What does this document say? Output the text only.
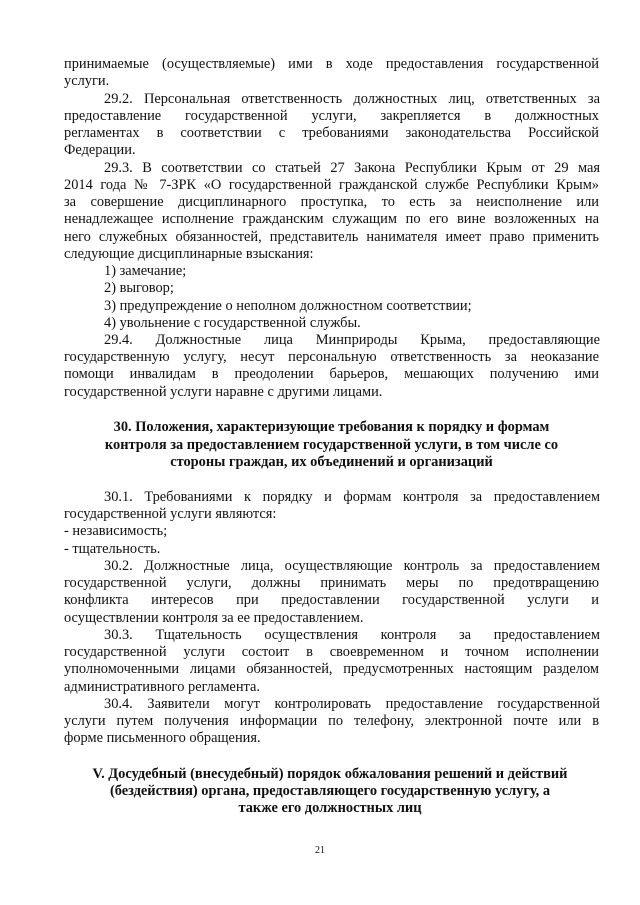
принимаемые (осуществляемые) ими в ходе предоставления государственной
услуги.
29.2. Персональная ответственность должностных лиц, ответственных за
предоставление государственной услуги, закрепляется в должностных
регламентах в соответствии с требованиями законодательства Российской
Федерации.
29.3. В соответствии со статьей 27 Закона Республики Крым от 29 мая
2014 года № 7-ЗРК «О государственной гражданской службе Республики Крым»
за совершение дисциплинарного проступка, то есть за неисполнение или
ненадлежащее исполнение гражданским служащим по его вине возложенных на
него служебных обязанностей, представитель нанимателя имеет право применить
следующие дисциплинарные взыскания:
1) замечание;
2) выговор;
3) предупреждение о неполном должностном соответствии;
4) увольнение с государственной службы.
29.4. Должностные лица Минприроды Крыма, предоставляющие
государственную услугу, несут персональную ответственность за неоказание
помощи инвалидам в преодолении барьеров, мешающих получению ими
государственной услуги наравне с другими лицами.
30. Положения, характеризующие требования к порядку и формам
контроля за предоставлением государственной услуги, в том числе со
стороны граждан, их объединений и организаций
30.1. Требованиями к порядку и формам контроля за предоставлением
государственной услуги являются:
- независимость;
- тщательность.
30.2. Должностные лица, осуществляющие контроль за предоставлением
государственной услуги, должны принимать меры по предотвращению
конфликта интересов при предоставлении государственной услуги и
осуществлении контроля за ее предоставлением.
30.3. Тщательность осуществления контроля за предоставлением
государственной услуги состоит в своевременном и точном исполнении
уполномоченными лицами обязанностей, предусмотренных настоящим разделом
административного регламента.
30.4. Заявители могут контролировать предоставление государственной
услуги путем получения информации по телефону, электронной почте или в
форме письменного обращения.
V. Досудебный (внесудебный) порядок обжалования решений и действий
(бездействия) органа, предоставляющего государственную услугу, а
также его должностных лиц
21
